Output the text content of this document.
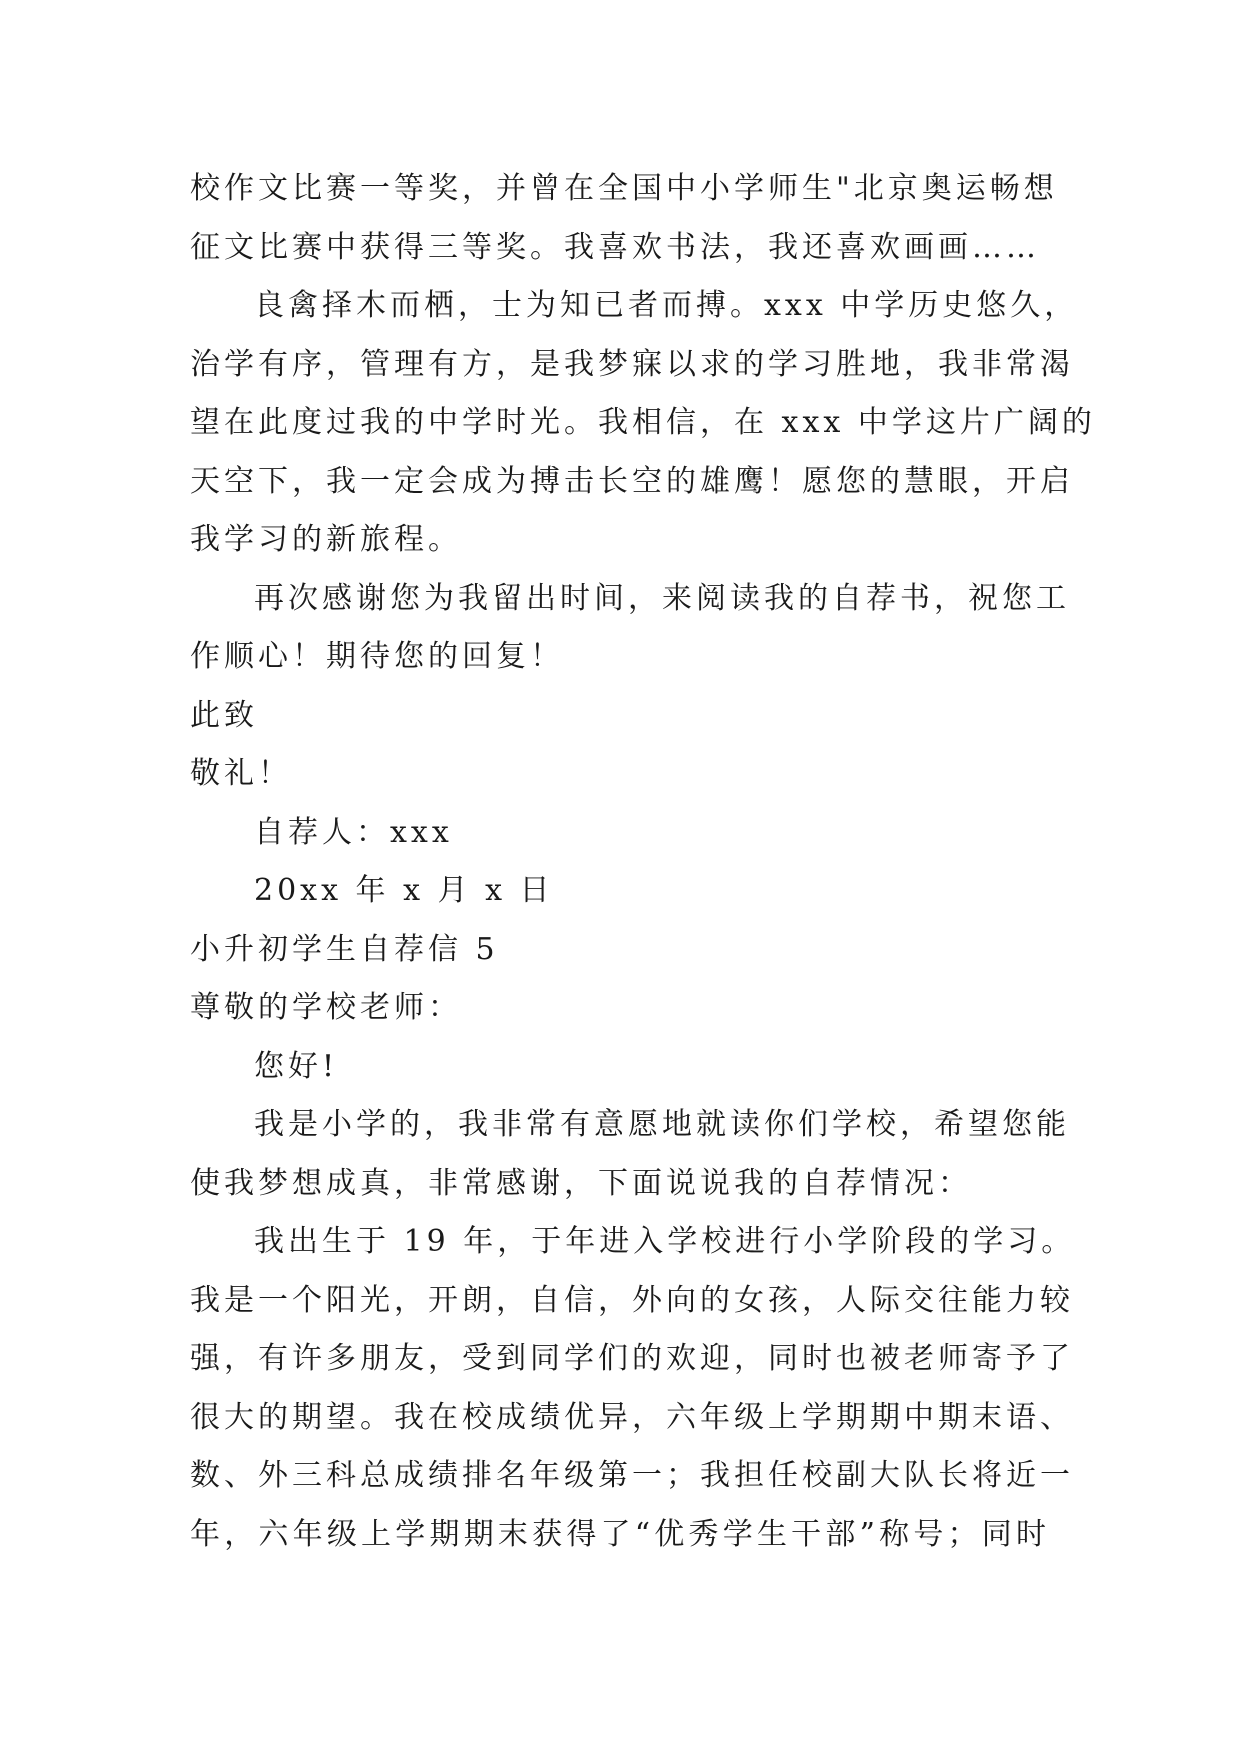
校作文比赛一等奖，并曾在全国中小学师生"北京奥运畅想
征文比赛中获得三等奖。我喜欢书法，我还喜欢画画……
良禽择木而栖，士为知已者而搏。xxx 中学历史悠久，
治学有序，管理有方，是我梦寐以求的学习胜地，我非常渴
望在此度过我的中学时光。我相信，在 xxx 中学这片广阔的
天空下，我一定会成为搏击长空的雄鹰！愿您的慧眼，开启
我学习的新旅程。
再次感谢您为我留出时间，来阅读我的自荐书，祝您工
作顺心！期待您的回复！
此致
敬礼！
自荐人：xxx
20xx 年 x 月 x 日
小升初学生自荐信 5
尊敬的学校老师：
您好!
我是小学的，我非常有意愿地就读你们学校，希望您能
使我梦想成真，非常感谢，下面说说我的自荐情况：
我出生于 19 年，于年进入学校进行小学阶段的学习。
我是一个阳光，开朗，自信，外向的女孩，人际交往能力较
强，有许多朋友，受到同学们的欢迎，同时也被老师寄予了
很大的期望。我在校成绩优异，六年级上学期期中期末语、
数、外三科总成绩排名年级第一；我担任校副大队长将近一
年，六年级上学期期末获得了“优秀学生干部”称号；同时
